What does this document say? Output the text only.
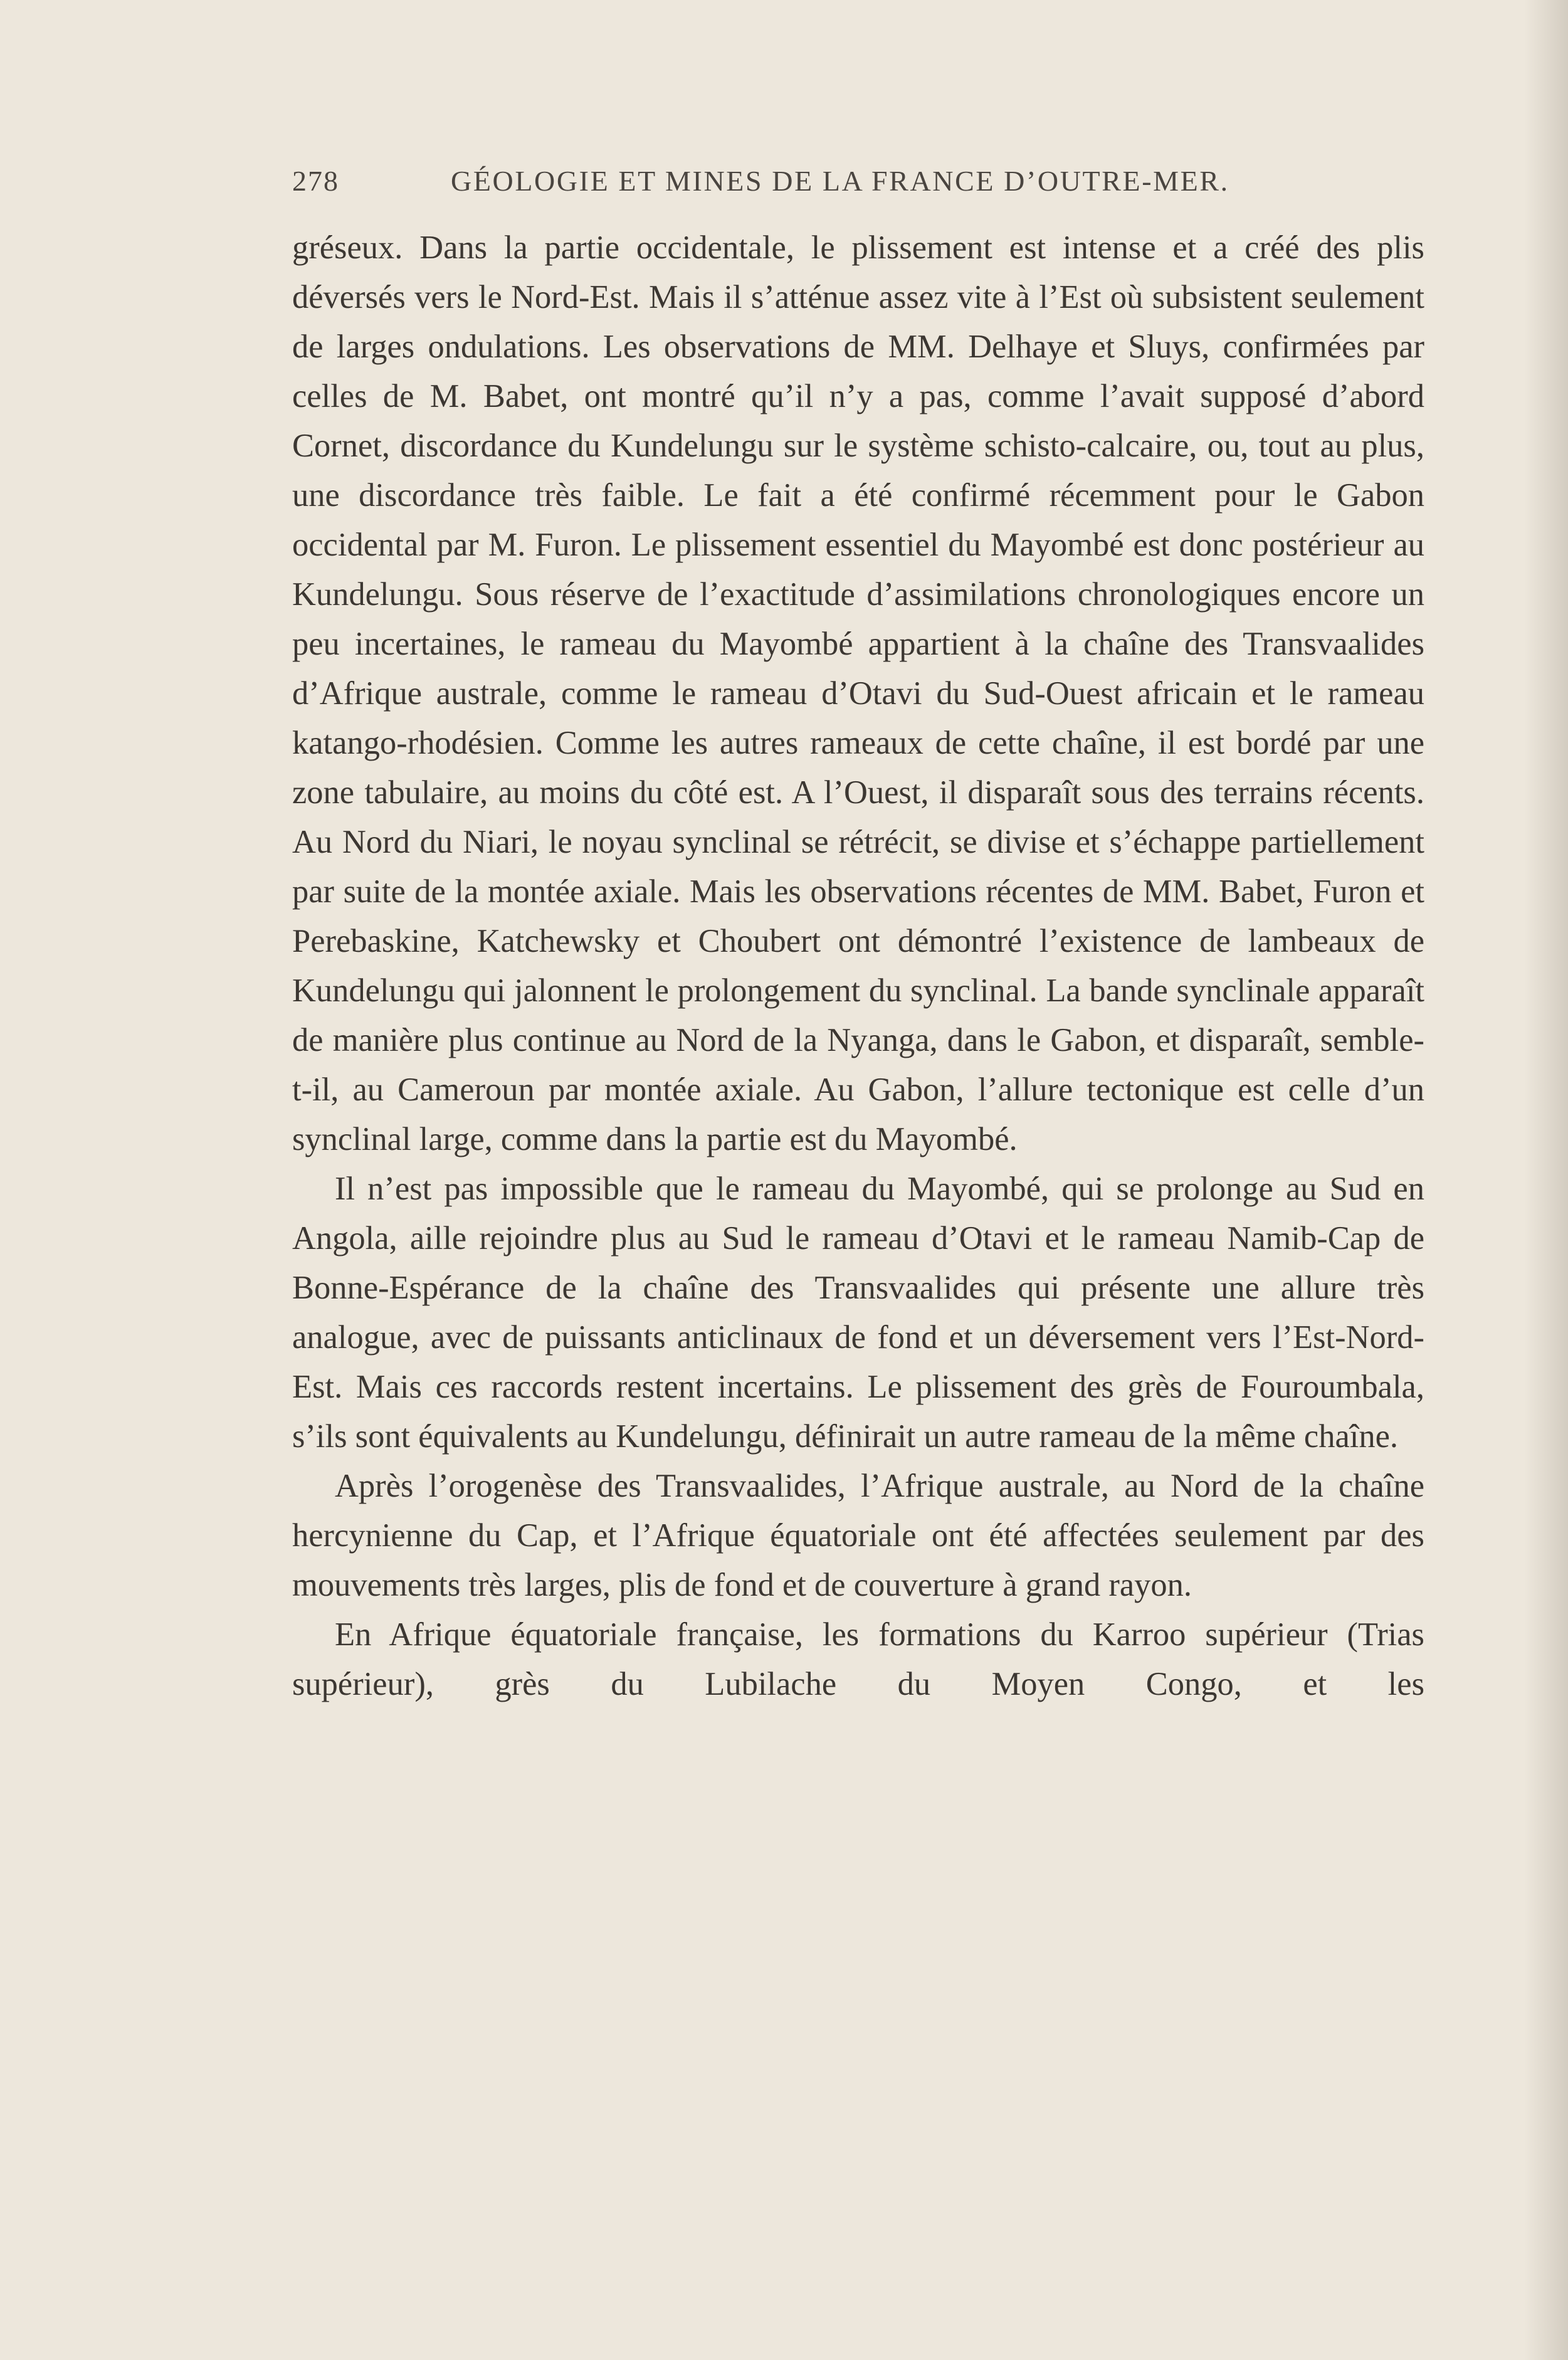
278	GÉOLOGIE ET MINES DE LA FRANCE D’OUTRE-MER.

gréseux. Dans la partie occidentale, le plissement est intense et a créé des plis déversés vers le Nord-Est. Mais il s’atténue assez vite à l’Est où subsistent seulement de larges ondulations. Les observations de MM. Delhaye et Sluys, confirmées par celles de M. Babet, ont montré qu’il n’y a pas, comme l’avait supposé d’abord Cornet, discordance du Kundelungu sur le système schisto-calcaire, ou, tout au plus, une discordance très faible. Le fait a été confirmé récemment pour le Gabon occidental par M. Furon. Le plissement essentiel du Mayombé est donc postérieur au Kundelungu. Sous réserve de l’exactitude d’assimilations chronologiques encore un peu incertaines, le rameau du Mayombé appartient à la chaîne des Transvaalides d’Afrique australe, comme le rameau d’Otavi du Sud-Ouest africain et le rameau katango-rhodésien. Comme les autres rameaux de cette chaîne, il est bordé par une zone tabulaire, au moins du côté est. A l’Ouest, il disparaît sous des terrains récents. Au Nord du Niari, le noyau synclinal se rétrécit, se divise et s’échappe partiellement par suite de la montée axiale. Mais les observations récentes de MM. Babet, Furon et Perebaskine, Katchewsky et Choubert ont démontré l’existence de lambeaux de Kundelungu qui jalonnent le prolongement du synclinal. La bande synclinale apparaît de manière plus continue au Nord de la Nyanga, dans le Gabon, et disparaît, semble-t-il, au Cameroun par montée axiale. Au Gabon, l’allure tectonique est celle d’un synclinal large, comme dans la partie est du Mayombé.

Il n’est pas impossible que le rameau du Mayombé, qui se prolonge au Sud en Angola, aille rejoindre plus au Sud le rameau d’Otavi et le rameau Namib-Cap de Bonne-Espérance de la chaîne des Transvaalides qui présente une allure très analogue, avec de puissants anticlinaux de fond et un déversement vers l’Est-Nord-Est. Mais ces raccords restent incertains. Le plissement des grès de Fouroumbala, s’ils sont équivalents au Kundelungu, définirait un autre rameau de la même chaîne.

Après l’orogenèse des Transvaalides, l’Afrique australe, au Nord de la chaîne hercynienne du Cap, et l’Afrique équatoriale ont été affectées seulement par des mouvements très larges, plis de fond et de couverture à grand rayon.

En Afrique équatoriale française, les formations du Karroo supérieur (Trias supérieur), grès du Lubilache du Moyen Congo, et les
